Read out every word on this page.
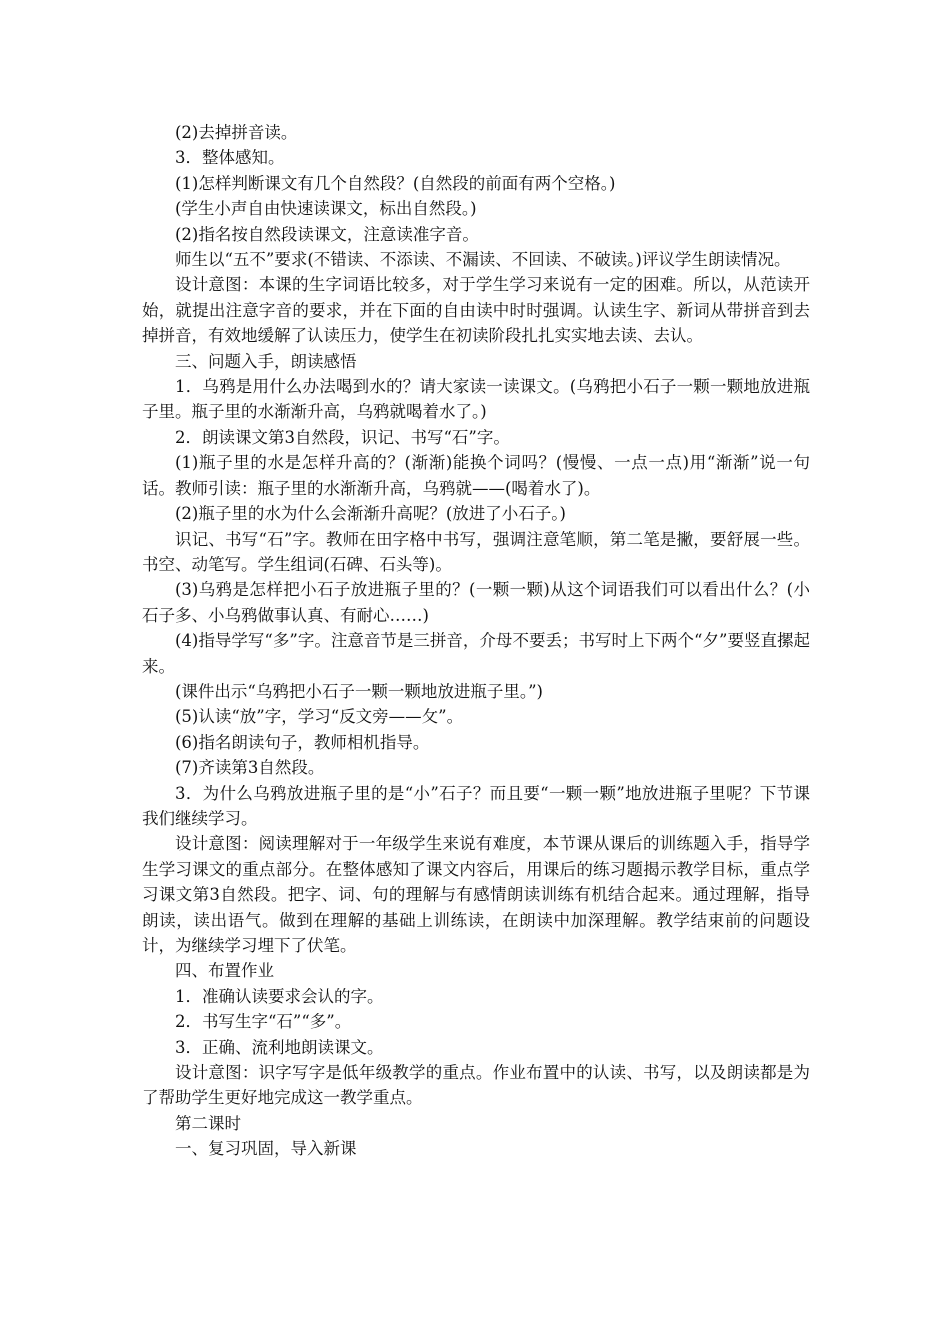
(2)去掉拼音读。

3．整体感知。

(1)怎样判断课文有几个自然段？(自然段的前面有两个空格。)

(学生小声自由快速读课文，标出自然段。)

(2)指名按自然段读课文，注意读准字音。

师生以“五不”要求(不错读、不添读、不漏读、不回读、不破读。)评议学生朗读情况。

设计意图：本课的生字词语比较多，对于学生学习来说有一定的困难。所以，从范读开始，就提出注意字音的要求，并在下面的自由读中时时强调。认读生字、新词从带拼音到去掉拼音，有效地缓解了认读压力，使学生在初读阶段扎扎实实地去读、去认。

三、问题入手，朗读感悟

1．乌鸦是用什么办法喝到水的？请大家读一读课文。(乌鸦把小石子一颗一颗地放进瓶子里。瓶子里的水渐渐升高，乌鸦就喝着水了。)

2．朗读课文第3自然段，识记、书写“石”字。

(1)瓶子里的水是怎样升高的？(渐渐)能换个词吗？(慢慢、一点一点)用“渐渐”说一句话。教师引读：瓶子里的水渐渐升高，乌鸦就——(喝着水了)。

(2)瓶子里的水为什么会渐渐升高呢？(放进了小石子。)

识记、书写“石”字。教师在田字格中书写，强调注意笔顺，第二笔是撇，要舒展一些。书空、动笔写。学生组词(石碑、石头等)。

(3)乌鸦是怎样把小石子放进瓶子里的？(一颗一颗)从这个词语我们可以看出什么？(小石子多、小乌鸦做事认真、有耐心……)

(4)指导学写“多”字。注意音节是三拼音，介母不要丢；书写时上下两个“夕”要竖直摞起来。

(课件出示“乌鸦把小石子一颗一颗地放进瓶子里。”)

(5)认读“放”字，学习“反文旁——攵”。

(6)指名朗读句子，教师相机指导。

(7)齐读第3自然段。

3．为什么乌鸦放进瓶子里的是“小”石子？而且要“一颗一颗”地放进瓶子里呢？下节课我们继续学习。

设计意图：阅读理解对于一年级学生来说有难度，本节课从课后的训练题入手，指导学生学习课文的重点部分。在整体感知了课文内容后，用课后的练习题揭示教学目标，重点学习课文第3自然段。把字、词、句的理解与有感情朗读训练有机结合起来。通过理解，指导朗读，读出语气。做到在理解的基础上训练读，在朗读中加深理解。教学结束前的问题设计，为继续学习埋下了伏笔。

四、布置作业

1．准确认读要求会认的字。

2．书写生字“石”“多”。

3．正确、流利地朗读课文。

设计意图：识字写字是低年级教学的重点。作业布置中的认读、书写，以及朗读都是为了帮助学生更好地完成这一教学重点。

第二课时

一、复习巩固，导入新课
